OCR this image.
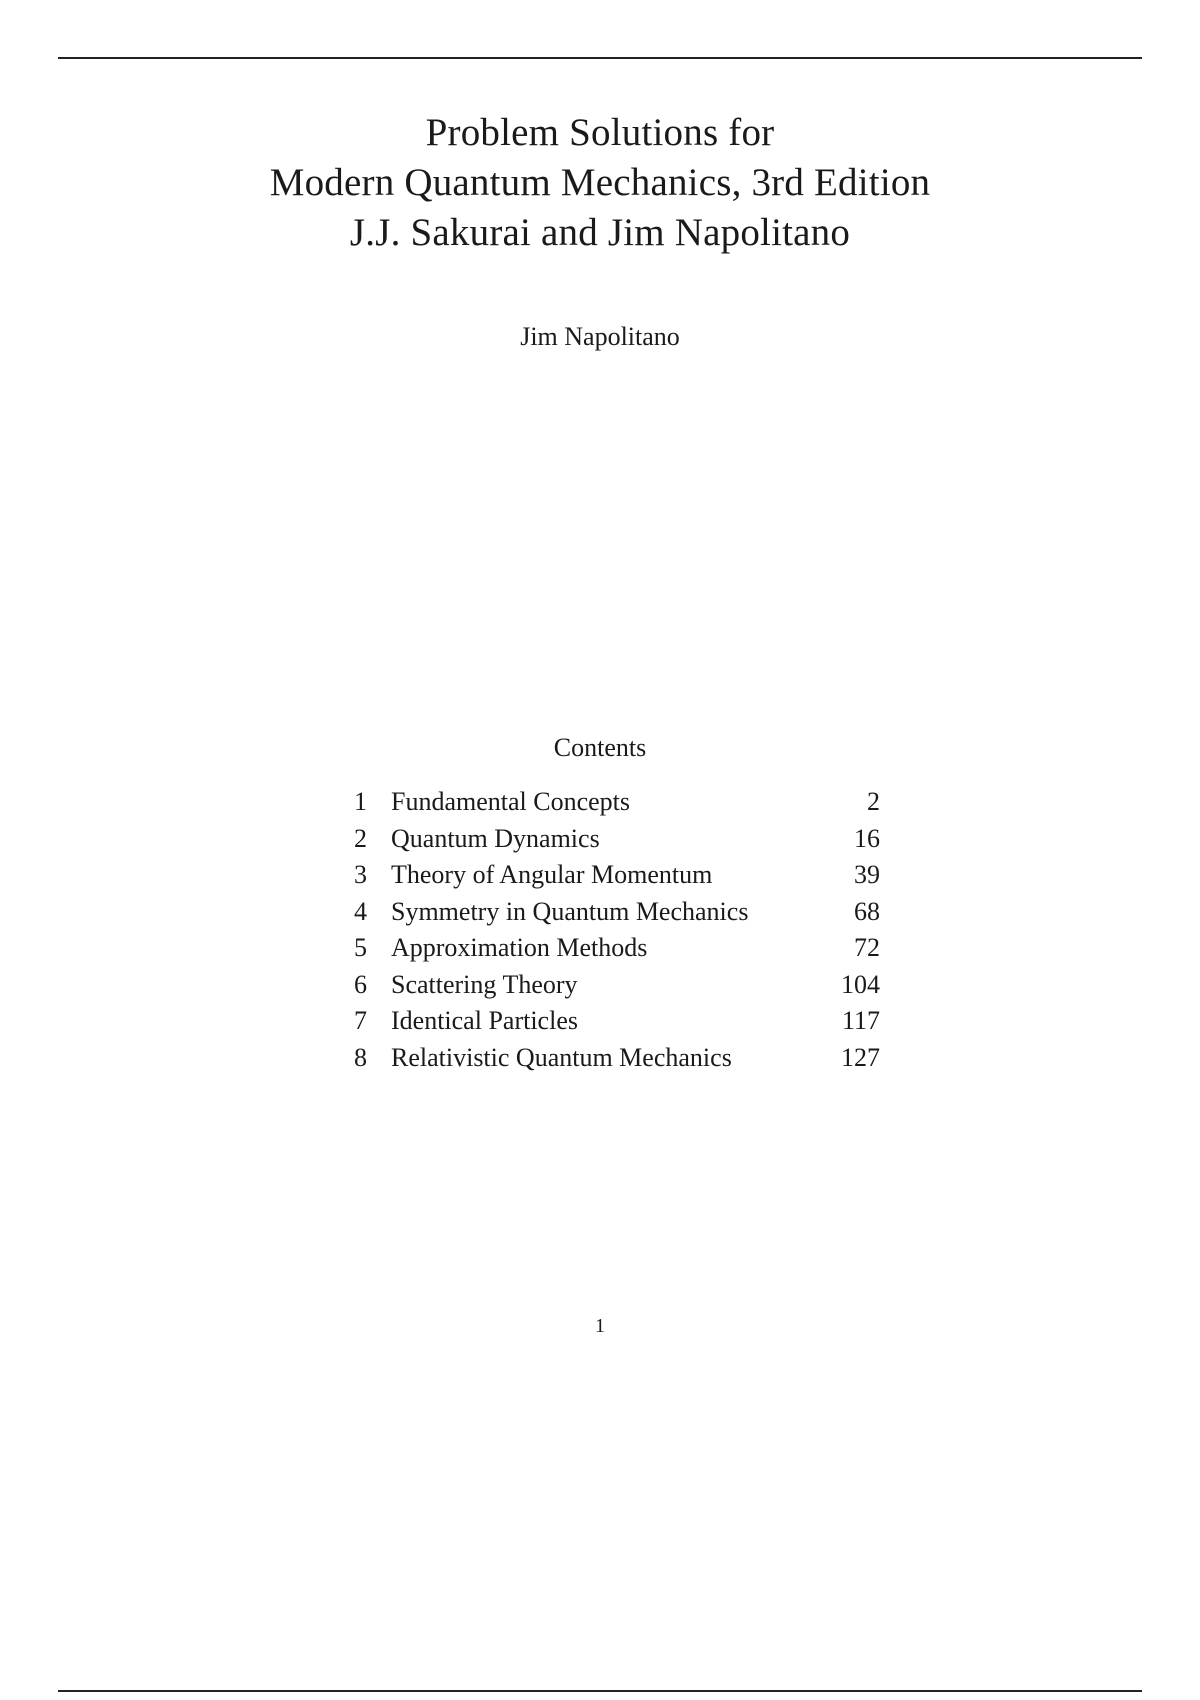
Problem Solutions for
Modern Quantum Mechanics, 3rd Edition
J.J. Sakurai and Jim Napolitano
Jim Napolitano
Contents
1 Fundamental Concepts	2
2 Quantum Dynamics	16
3 Theory of Angular Momentum	39
4 Symmetry in Quantum Mechanics	68
5 Approximation Methods	72
6 Scattering Theory	104
7 Identical Particles	117
8 Relativistic Quantum Mechanics	127
1
